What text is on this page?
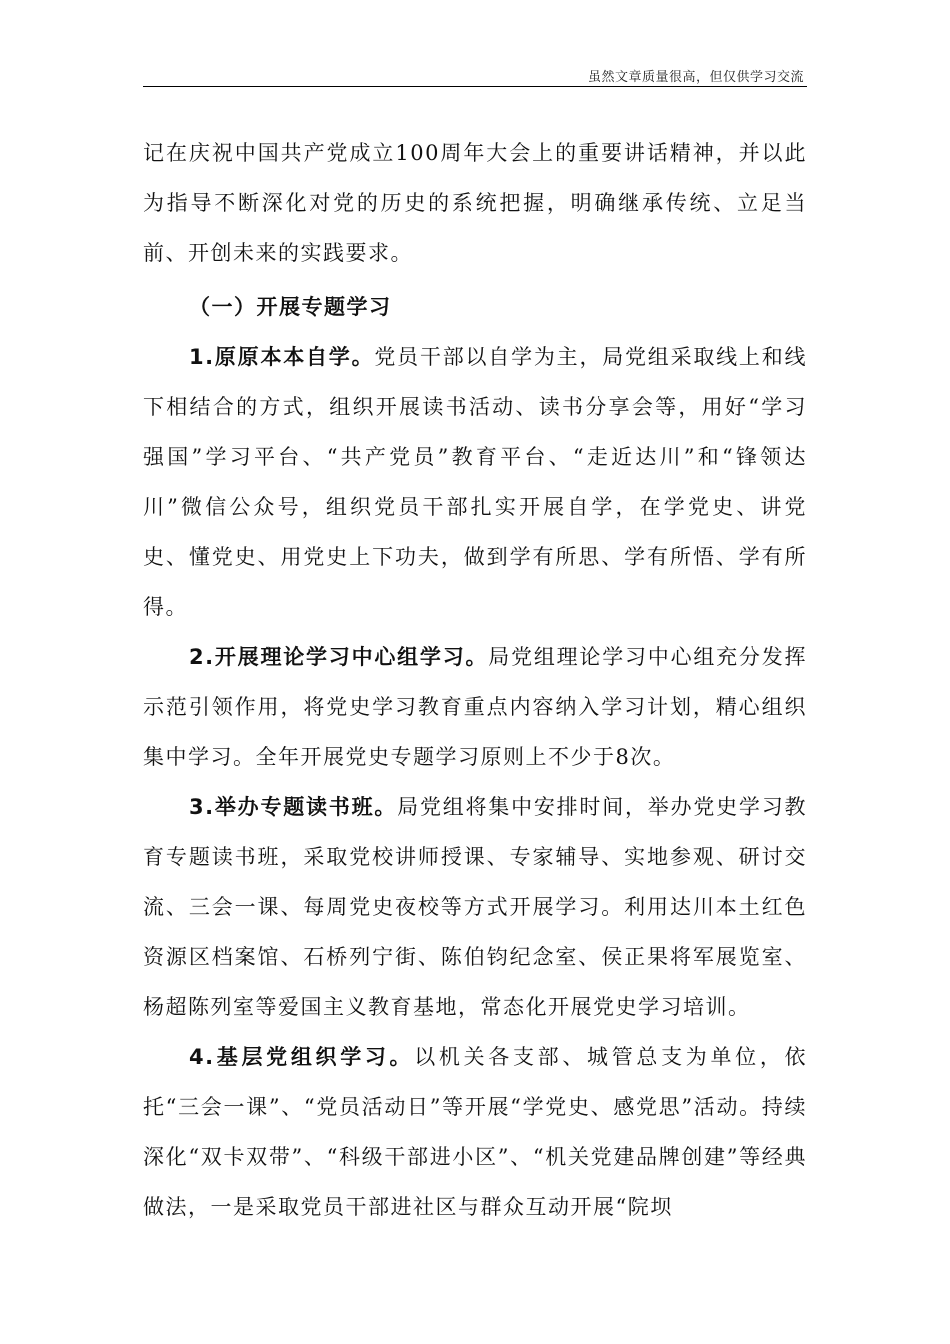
虽然文章质量很高，但仅供学习交流

记在庆祝中国共产党成立100周年大会上的重要讲话精神，并以此为指导不断深化对党的历史的系统把握，明确继承传统、立足当前、开创未来的实践要求。

（一）开展专题学习

1.原原本本自学。党员干部以自学为主，局党组采取线上和线下相结合的方式，组织开展读书活动、读书分享会等，用好“学习强国”学习平台、“共产党员”教育平台、“走近达川”和“锋领达川”微信公众号，组织党员干部扎实开展自学，在学党史、讲党史、懂党史、用党史上下功夫，做到学有所思、学有所悟、学有所得。

2.开展理论学习中心组学习。局党组理论学习中心组充分发挥示范引领作用，将党史学习教育重点内容纳入学习计划，精心组织集中学习。全年开展党史专题学习原则上不少于8次。

3.举办专题读书班。局党组将集中安排时间，举办党史学习教育专题读书班，采取党校讲师授课、专家辅导、实地参观、研讨交流、三会一课、每周党史夜校等方式开展学习。利用达川本土红色资源区档案馆、石桥列宁街、陈伯钧纪念室、侯正果将军展览室、杨超陈列室等爱国主义教育基地，常态化开展党史学习培训。

4.基层党组织学习。以机关各支部、城管总支为单位，依托“三会一课”、“党员活动日”等开展“学党史、感党思”活动。持续深化“双卡双带”、“科级干部进小区”、“机关党建品牌创建”等经典做法，一是采取党员干部进社区与群众互动开展“院坝
